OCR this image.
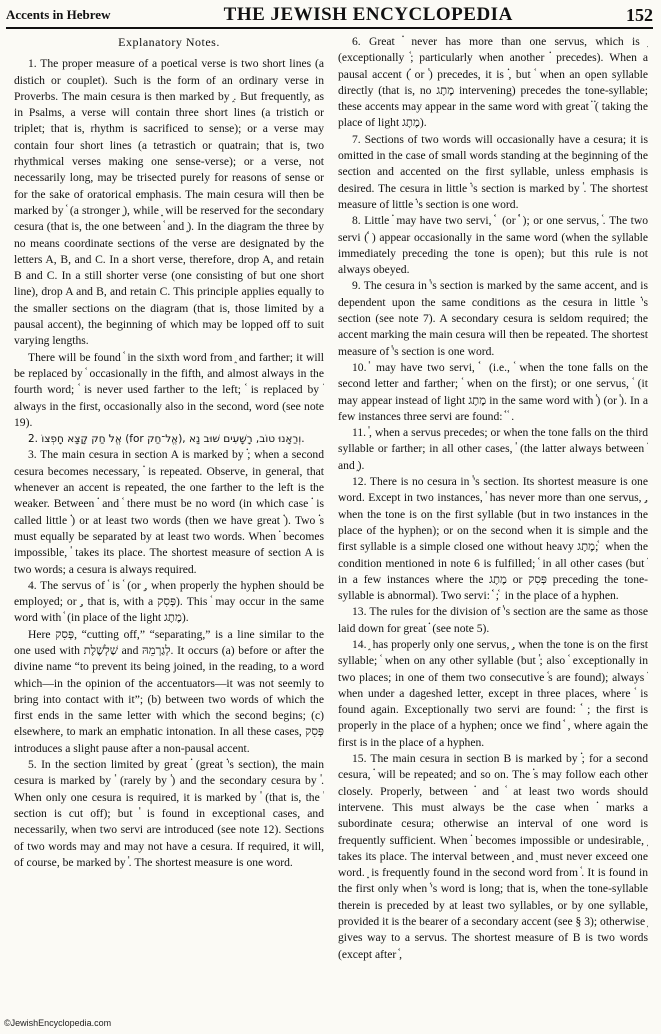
Accents in Hebrew	THE JEWISH ENCYCLOPEDIA	152
Explanatory Notes.

1. The proper measure of a poetical verse is two short lines (a distich or couplet). Such is the form of an ordinary verse in Proverbs. The main cesura is then marked by ֑. But frequently, as in Psalms, a verse will contain three short lines (a tristich or triplet; that is, rhythm is sacrificed to sense); or a verse may contain four short lines (a tetrastich or quatrain; that is, two rhythmical verses making one sense-verse); or a verse, not necessarily long, may be trisected purely for reasons of sense or for the sake of oratorical emphasis. The main cesura will then be marked by ֫ (a stronger ֑), while ֑ will be reserved for the secondary cesura (that is, the one between ֫ and ֑). In the diagram the three by no means coordinate sections of the verse are designated by the letters A, B, and C. In a short verse, therefore, drop A, and retain B and C. In a still shorter verse (one consisting of but one short line), drop A and B, and retain C. This principle applies equally to the smaller sections on the diagram (that is, those limited by a pausal accent), the beginning of which may be lopped off to suit varying lengths.

There will be found ֫ in the sixth word from ֑ and farther; it will be replaced by ֫ occasionally in the fifth, and almost always in the fourth word; ֫ is never used farther to the left; ֫ is replaced by ֗ always in the first, occasionally also in the second, word (see note 19).

2. אֱלֹ חַק קָצָא חָפְצוֹ (for אֱל־חַק), וְרַאָנוּ טוֹב, רָשָׁעִים שׁוּב נָא.

3. The main cesura in section A is marked by ֗; when a second cesura becomes necessary, ֗ is repeated. Observe, in general, that whenever an accent is repeated, the one farther to the left is the weaker. Between ֗ and ֫ there must be no word (in which case ֗ is called little ֗) or at least two words (then we have great ֗). Two ֗s must equally be separated by at least two words. When ֗ becomes impossible, ֓ takes its place. The shortest measure of section A is two words; a cesura is always required.

4. The servus of ֫ is ֫ (or ֣, when properly the hyphen should be employed; or ֥, that is, with a פְּסִק). This ֫ may occur in the same word with ֫ (in place of the light מֶתֶג).

Here פְּסִק, “cutting off,” “separating,” is a line similar to the one used with שַׁלְשֶׁלֶת and לְגַרְמֵהּ. It occurs (a) before or after the divine name “to prevent its being joined, in the reading, to a word which—in the opinion of the accentuators—it was not seemly to bring into contact with it”; (b) between two words of which the first ends in the same letter with which the second begins; (c) elsewhere, to mark an emphatic intonation. In all these cases, פְּסִק introduces a slight pause after a non-pausal accent.

5. In the section limited by great ֗ (great ֗'s section), the main cesura is marked by ֓ (rarely by ֓) and the secondary cesura by ֓. When only one cesura is required, it is marked by ֓ (that is, the ֓ section is cut off); but ֓ is found in exceptional cases, and necessarily, when two servi are introduced (see note 12). Sections of two words may and may not have a cesura. If required, it will, of course, be marked by ֓. The shortest measure is one word.

6. Great ֗ never has more than one servus, which is ֥ (exceptionally ֫; particularly when another ֗ precedes). When a pausal accent (֗ or ֓) precedes, it is ֗, but ֫ when an open syllable directly (that is, no מֶתֶג intervening) precedes the tone-syllable; these accents may appear in the same word with great ֗ (֗ taking the place of light מֶתֶג).

7. Sections of two words will occasionally have a cesura; it is omitted in the case of small words standing at the beginning of the section and accented on the first syllable, unless emphasis is desired. The cesura in little ֗'s section is marked by ֓. The shortest measure of little ֗'s section is one word.

8. Little ֗ may have two servi, ֫ ֫ (or ֫ ֓); or one servus, ֫. The two servi (֫ ֫) appear occasionally in the same word (when the syllable immediately preceding the tone is open); but this rule is not always obeyed.

9. The cesura in ֓'s section is marked by the same accent, and is dependent upon the same conditions as the cesura in little ֗'s section (see note 7). A secondary cesura is seldom required; the accent marking the main cesura will then be repeated. The shortest measure of ֓'s section is one word.

10. ֓ may have two servi, ֫ ֫ (i.e., ֫ when the tone falls on the second letter and farther; ֫ when on the first); or one servus, ֫ (it may appear instead of light מֶתֶג in the same word with ֓) (or ֓). In a few instances three servi are found: ֫ ֫ ֫.

11. ֓, when a servus precedes; or when the tone falls on the third syllable or farther; in all other cases, ֓ (the latter always between ֗ and ֑).

12. There is no cesura in ֓'s section. Its shortest measure is one word. Except in two instances, ֓ has never more than one servus, ֥, when the tone is on the first syllable (but in two instances in the place of the hyphen); or on the second when it is simple and the first syllable is a simple closed one without heavy מֶתֶג; ֫ when the condition mentioned in note 6 is fulfilled; ֫ in all other cases (but ֫ in a few instances where the מֶתֶג or פְּסִק preceding the tone-syllable is abnormal). Two servi: ֫ ֫; ֫ in the place of a hyphen.

13. The rules for the division of ֓'s section are the same as those laid down for great ֗ (see note 5).

14. ֑ has properly only one servus, ֥, when the tone is on the first syllable; ֫ when on any other syllable (but ֓; also ֫ exceptionally in two places; in one of them two consecutive ֫s are found); always ֫ when under a dageshed letter, except in three places, where ֫ is found again. Exceptionally two servi are found: ֫ ֫; the first is properly in the place of a hyphen; once we find ֫ ֫, where again the first is in the place of a hyphen.

15. The main cesura in section B is marked by ֗; for a second cesura, ֗ will be repeated; and so on. The ֗s may follow each other closely. Properly, between ֗ and ֫ at least two words should intervene. This must always be the case when ֗ marks a subordinate cesura; otherwise an interval of one word is frequently sufficient. When ֗ becomes impossible or undesirable, ֑ takes its place. The interval between ֑ and ֑ must never exceed one word. ֑ is frequently found in the second word from ֫. It is found in the first only when ֫'s word is long; that is, when the tone-syllable therein is preceded by at least two syllables, or by one syllable, provided it is the bearer of a secondary accent (see § 3); otherwise ֑ gives way to a servus. The shortest measure of B is two words (except after ֫,

©JewishEncyclopedia.com
